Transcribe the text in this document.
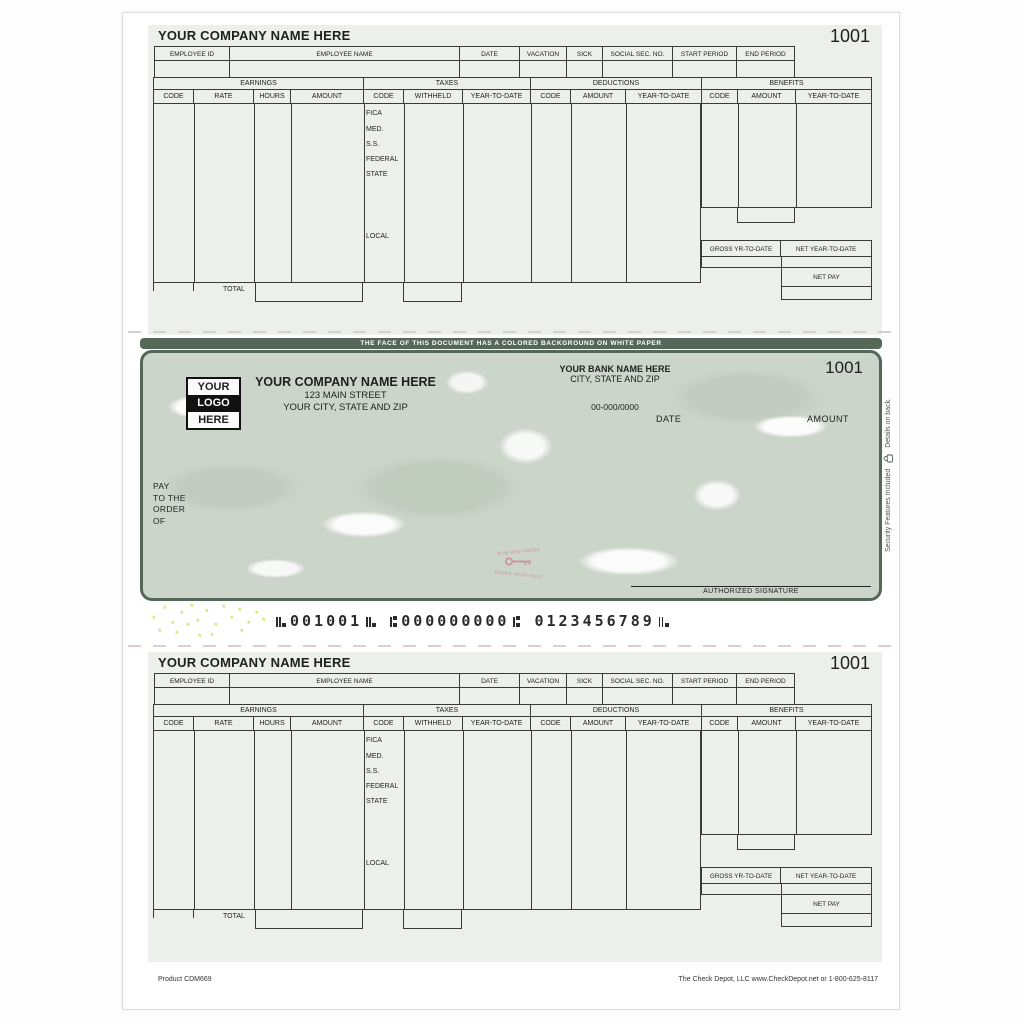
YOUR COMPANY NAME HERE	1001
EMPLOYEE ID	EMPLOYEE NAME	DATE	VACATION	SICK	SOCIAL SEC. NO.	START PERIOD	END PERIOD
EARNINGS	TAXES	DEDUCTIONS	BENEFITS
CODE	RATE	HOURS	AMOUNT	CODE	WITHHELD	YEAR-TO-DATE	CODE	AMOUNT	YEAR-TO-DATE	CODE	AMOUNT	YEAR-TO-DATE
FICA
MED.
S.S.
FEDERAL
STATE
LOCAL
GROSS YR-TO-DATE	NET YEAR-TO-DATE
NET PAY
TOTAL
THE FACE OF THIS DOCUMENT HAS A COLORED BACKGROUND ON WHITE PAPER
YOUR
LOGO
HERE
YOUR COMPANY NAME HERE
123 MAIN STREET
YOUR CITY, STATE AND ZIP
YOUR BANK NAME HERE
CITY, STATE AND ZIP
00-000/0000
1001
DATE	AMOUNT
PAY
TO THE
ORDER
OF
RUB RED IMAGE
FADES WITH HEAT
AUTHORIZED SIGNATURE
Security Features Included
Details on back.
*
*
*
*
*
*
*
*
*
*
*
*
*
*
*
*	*	*
*
*	001001	000000000 0123456789
YOUR COMPANY NAME HERE	1001
EMPLOYEE ID	EMPLOYEE NAME	DATE	VACATION	SICK	SOCIAL SEC. NO.	START PERIOD	END PERIOD
EARNINGS	TAXES	DEDUCTIONS	BENEFITS
CODE	RATE	HOURS	AMOUNT	CODE	WITHHELD	YEAR-TO-DATE	CODE	AMOUNT	YEAR-TO-DATE	CODE	AMOUNT	YEAR-TO-DATE
FICA
MED.
S.S.
FEDERAL
STATE
LOCAL
GROSS YR-TO-DATE	NET YEAR-TO-DATE
NET PAY
TOTAL
Product CDM669	The Check Depot, LLC www.CheckDepot.net or 1-800-625-8117
